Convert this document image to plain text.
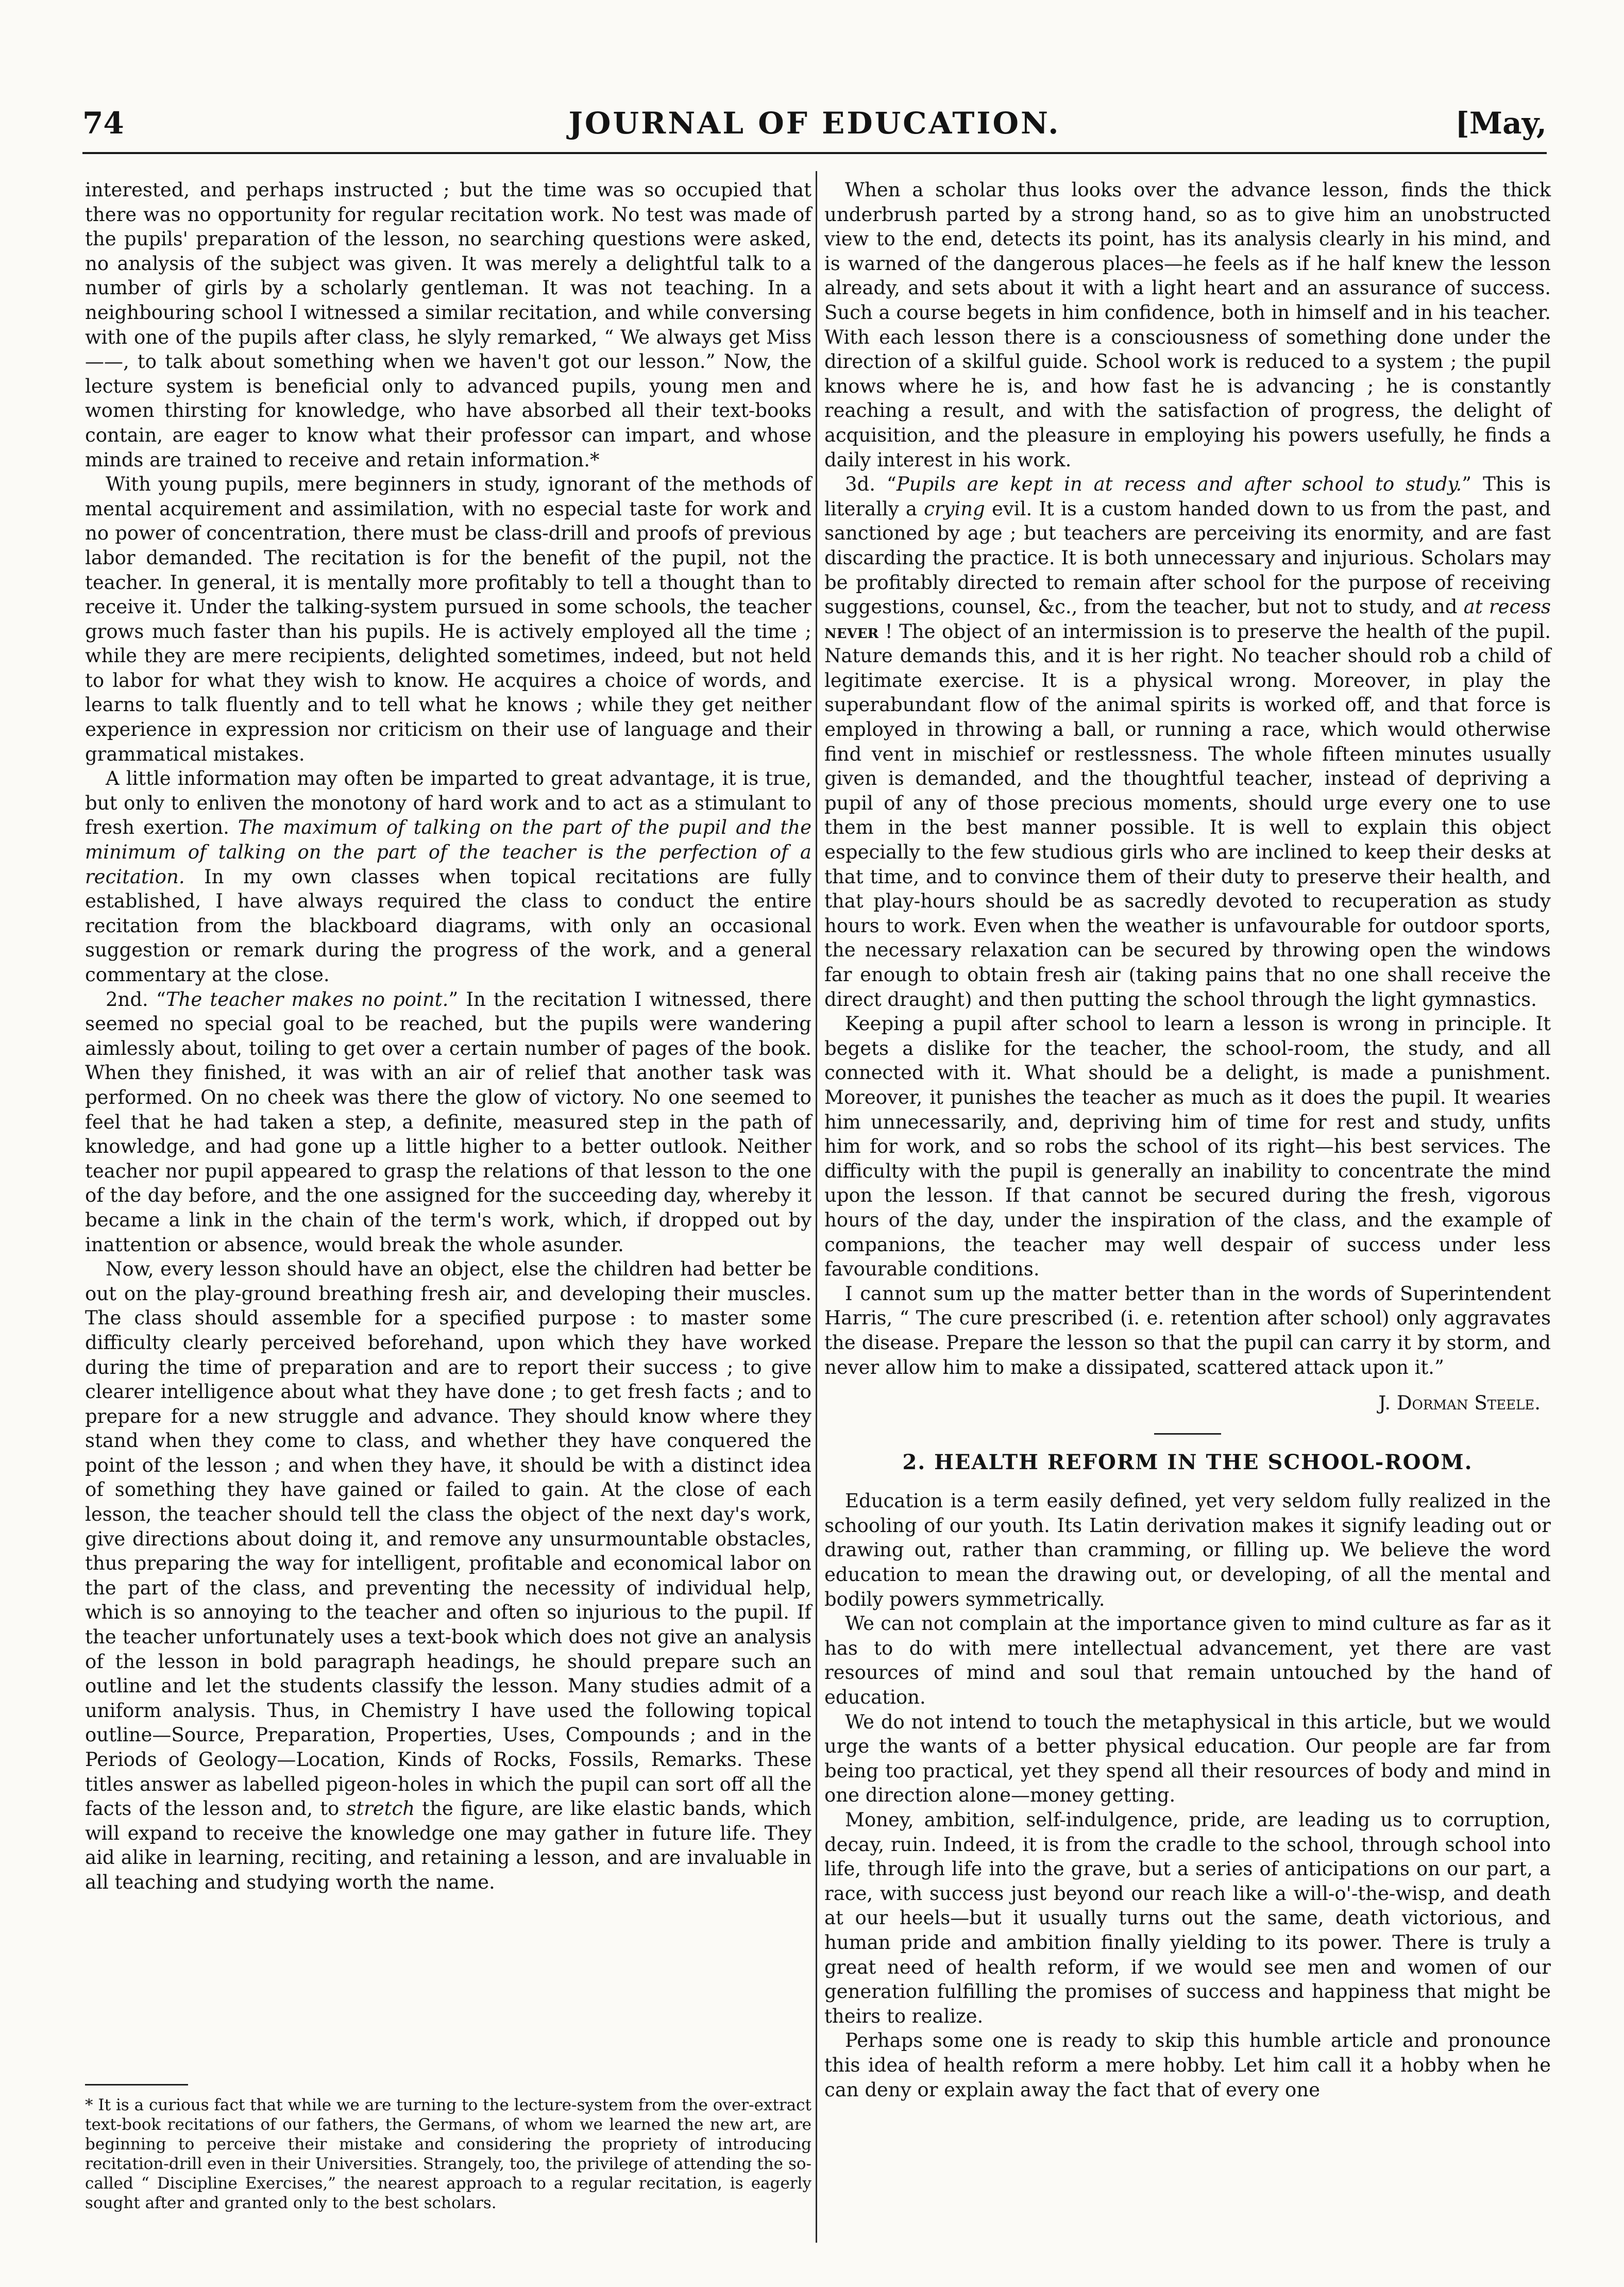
74	JOURNAL OF EDUCATION.	[May,

interested, and perhaps instructed ; but the time was so occupied that there was no opportunity for regular recitation work. No test was made of the pupils' preparation of the lesson, no searching questions were asked, no analysis of the subject was given. It was merely a delightful talk to a number of girls by a scholarly gentleman. It was not teaching. In a neighbouring school I witnessed a similar recitation, and while conversing with one of the pupils after class, he slyly remarked, “ We always get Miss ——, to talk about something when we haven't got our lesson.” Now, the lecture system is beneficial only to advanced pupils, young men and women thirsting for knowledge, who have absorbed all their text-books contain, are eager to know what their professor can impart, and whose minds are trained to receive and retain information.*

With young pupils, mere beginners in study, ignorant of the methods of mental acquirement and assimilation, with no especial taste for work and no power of concentration, there must be class-drill and proofs of previous labor demanded. The recitation is for the benefit of the pupil, not the teacher. In general, it is mentally more profitably to tell a thought than to receive it. Under the talking-system pursued in some schools, the teacher grows much faster than his pupils. He is actively employed all the time ; while they are mere recipients, delighted sometimes, indeed, but not held to labor for what they wish to know. He acquires a choice of words, and learns to talk fluently and to tell what he knows ; while they get neither experience in expression nor criticism on their use of language and their grammatical mistakes.

A little information may often be imparted to great advantage, it is true, but only to enliven the monotony of hard work and to act as a stimulant to fresh exertion. The maximum of talking on the part of the pupil and the minimum of talking on the part of the teacher is the perfection of a recitation. In my own classes when topical recitations are fully established, I have always required the class to conduct the entire recitation from the blackboard diagrams, with only an occasional suggestion or remark during the progress of the work, and a general commentary at the close.

2nd. “The teacher makes no point.” In the recitation I witnessed, there seemed no special goal to be reached, but the pupils were wandering aimlessly about, toiling to get over a certain number of pages of the book. When they finished, it was with an air of relief that another task was performed. On no cheek was there the glow of victory. No one seemed to feel that he had taken a step, a definite, measured step in the path of knowledge, and had gone up a little higher to a better outlook. Neither teacher nor pupil appeared to grasp the relations of that lesson to the one of the day before, and the one assigned for the succeeding day, whereby it became a link in the chain of the term's work, which, if dropped out by inattention or absence, would break the whole asunder.

Now, every lesson should have an object, else the children had better be out on the play-ground breathing fresh air, and developing their muscles. The class should assemble for a specified purpose : to master some difficulty clearly perceived beforehand, upon which they have worked during the time of preparation and are to report their success ; to give clearer intelligence about what they have done ; to get fresh facts ; and to prepare for a new struggle and advance. They should know where they stand when they come to class, and whether they have conquered the point of the lesson ; and when they have, it should be with a distinct idea of something they have gained or failed to gain. At the close of each lesson, the teacher should tell the class the object of the next day's work, give directions about doing it, and remove any unsurmountable obstacles, thus preparing the way for intelligent, profitable and economical labor on the part of the class, and preventing the necessity of individual help, which is so annoying to the teacher and often so injurious to the pupil. If the teacher unfortunately uses a text-book which does not give an analysis of the lesson in bold paragraph headings, he should prepare such an outline and let the students classify the lesson. Many studies admit of a uniform analysis. Thus, in Chemistry I have used the following topical outline—Source, Preparation, Properties, Uses, Compounds ; and in the Periods of Geology—Location, Kinds of Rocks, Fossils, Remarks. These titles answer as labelled pigeon-holes in which the pupil can sort off all the facts of the lesson and, to stretch the figure, are like elastic bands, which will expand to receive the knowledge one may gather in future life. They aid alike in learning, reciting, and retaining a lesson, and are invaluable in all teaching and studying worth the name.

* It is a curious fact that while we are turning to the lecture-system from the over-extract text-book recitations of our fathers, the Germans, of whom we learned the new art, are beginning to perceive their mistake and considering the propriety of introducing recitation-drill even in their Universities. Strangely, too, the privilege of attending the so-called “ Discipline Exercises,” the nearest approach to a regular recitation, is eagerly sought after and granted only to the best scholars.

When a scholar thus looks over the advance lesson, finds the thick underbrush parted by a strong hand, so as to give him an unobstructed view to the end, detects its point, has its analysis clearly in his mind, and is warned of the dangerous places—he feels as if he half knew the lesson already, and sets about it with a light heart and an assurance of success. Such a course begets in him confidence, both in himself and in his teacher. With each lesson there is a consciousness of something done under the direction of a skilful guide. School work is reduced to a system ; the pupil knows where he is, and how fast he is advancing ; he is constantly reaching a result, and with the satisfaction of progress, the delight of acquisition, and the pleasure in employing his powers usefully, he finds a daily interest in his work.

3d. “Pupils are kept in at recess and after school to study.” This is literally a crying evil. It is a custom handed down to us from the past, and sanctioned by age ; but teachers are perceiving its enormity, and are fast discarding the practice. It is both unnecessary and injurious. Scholars may be profitably directed to remain after school for the purpose of receiving suggestions, counsel, &c., from the teacher, but not to study, and at recess never ! The object of an intermission is to preserve the health of the pupil. Nature demands this, and it is her right. No teacher should rob a child of legitimate exercise. It is a physical wrong. Moreover, in play the superabundant flow of the animal spirits is worked off, and that force is employed in throwing a ball, or running a race, which would otherwise find vent in mischief or restlessness. The whole fifteen minutes usually given is demanded, and the thoughtful teacher, instead of depriving a pupil of any of those precious moments, should urge every one to use them in the best manner possible. It is well to explain this object especially to the few studious girls who are inclined to keep their desks at that time, and to convince them of their duty to preserve their health, and that play-hours should be as sacredly devoted to recuperation as study hours to work. Even when the weather is unfavourable for outdoor sports, the necessary relaxation can be secured by throwing open the windows far enough to obtain fresh air (taking pains that no one shall receive the direct draught) and then putting the school through the light gymnastics.

Keeping a pupil after school to learn a lesson is wrong in principle. It begets a dislike for the teacher, the school-room, the study, and all connected with it. What should be a delight, is made a punishment. Moreover, it punishes the teacher as much as it does the pupil. It wearies him unnecessarily, and, depriving him of time for rest and study, unfits him for work, and so robs the school of its right—his best services. The difficulty with the pupil is generally an inability to concentrate the mind upon the lesson. If that cannot be secured during the fresh, vigorous hours of the day, under the inspiration of the class, and the example of companions, the teacher may well despair of success under less favourable conditions.

I cannot sum up the matter better than in the words of Superintendent Harris, “ The cure prescribed (i. e. retention after school) only aggravates the disease. Prepare the lesson so that the pupil can carry it by storm, and never allow him to make a dissipated, scattered attack upon it.”

J. Dorman Steele.
2. HEALTH REFORM IN THE SCHOOL-ROOM.

Education is a term easily defined, yet very seldom fully realized in the schooling of our youth. Its Latin derivation makes it signify leading out or drawing out, rather than cramming, or filling up. We believe the word education to mean the drawing out, or developing, of all the mental and bodily powers symmetrically.

We can not complain at the importance given to mind culture as far as it has to do with mere intellectual advancement, yet there are vast resources of mind and soul that remain untouched by the hand of education.

We do not intend to touch the metaphysical in this article, but we would urge the wants of a better physical education. Our people are far from being too practical, yet they spend all their resources of body and mind in one direction alone—money getting.

Money, ambition, self-indulgence, pride, are leading us to corruption, decay, ruin. Indeed, it is from the cradle to the school, through school into life, through life into the grave, but a series of anticipations on our part, a race, with success just beyond our reach like a will-o'-the-wisp, and death at our heels—but it usually turns out the same, death victorious, and human pride and ambition finally yielding to its power. There is truly a great need of health reform, if we would see men and women of our generation fulfilling the promises of success and happiness that might be theirs to realize.

Perhaps some one is ready to skip this humble article and pronounce this idea of health reform a mere hobby. Let him call it a hobby when he can deny or explain away the fact that of every one
